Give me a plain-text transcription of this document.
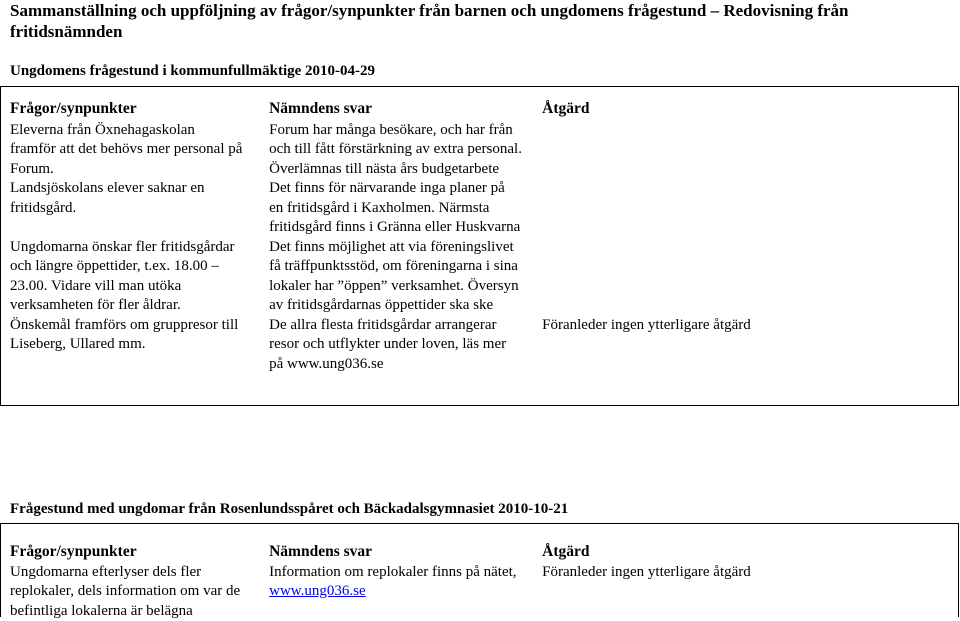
Sammanställning och uppföljning av frågor/synpunkter från barnen och ungdomens frågestund – Redovisning från fritidsnämnden
Ungdomens frågestund i kommunfullmäktige 2010-04-29
Frågor/synpunkter	Nämndens svar	Åtgärd
Eleverna från Öxnehagaskolan framför att det behövs mer personal på Forum.	Forum har många besökare, och har från och till fått förstärkning av extra personal. Överlämnas till nästa års budgetarbete	
Landsjöskolans elever saknar en fritidsgård.	Det finns för närvarande inga planer på en fritidsgård i Kaxholmen. Närmsta fritidsgård finns i Gränna eller Huskvarna	
Ungdomarna önskar fler fritidsgårdar och längre öppettider, t.ex. 18.00 – 23.00. Vidare vill man utöka verksamheten för fler åldrar.	Det finns möjlighet att via föreningslivet få träffpunktsstöd, om föreningarna i sina lokaler har ”öppen” verksamhet. Översyn av fritidsgårdarnas öppettider ska ske	
Önskemål framförs om gruppresor till Liseberg, Ullared mm.	De allra flesta fritidsgårdar arrangerar resor och utflykter under loven, läs mer på www.ung036.se	Föranleder ingen ytterligare åtgärd
Frågestund med ungdomar från Rosenlundsspåret och Bäckadalsgymnasiet 2010-10-21
Frågor/synpunkter	Nämndens svar	Åtgärd
Ungdomarna efterlyser dels fler replokaler, dels information om var de befintliga lokalerna är belägna	Information om replokaler finns på nätet, www.ung036.se	Föranleder ingen ytterligare åtgärd
